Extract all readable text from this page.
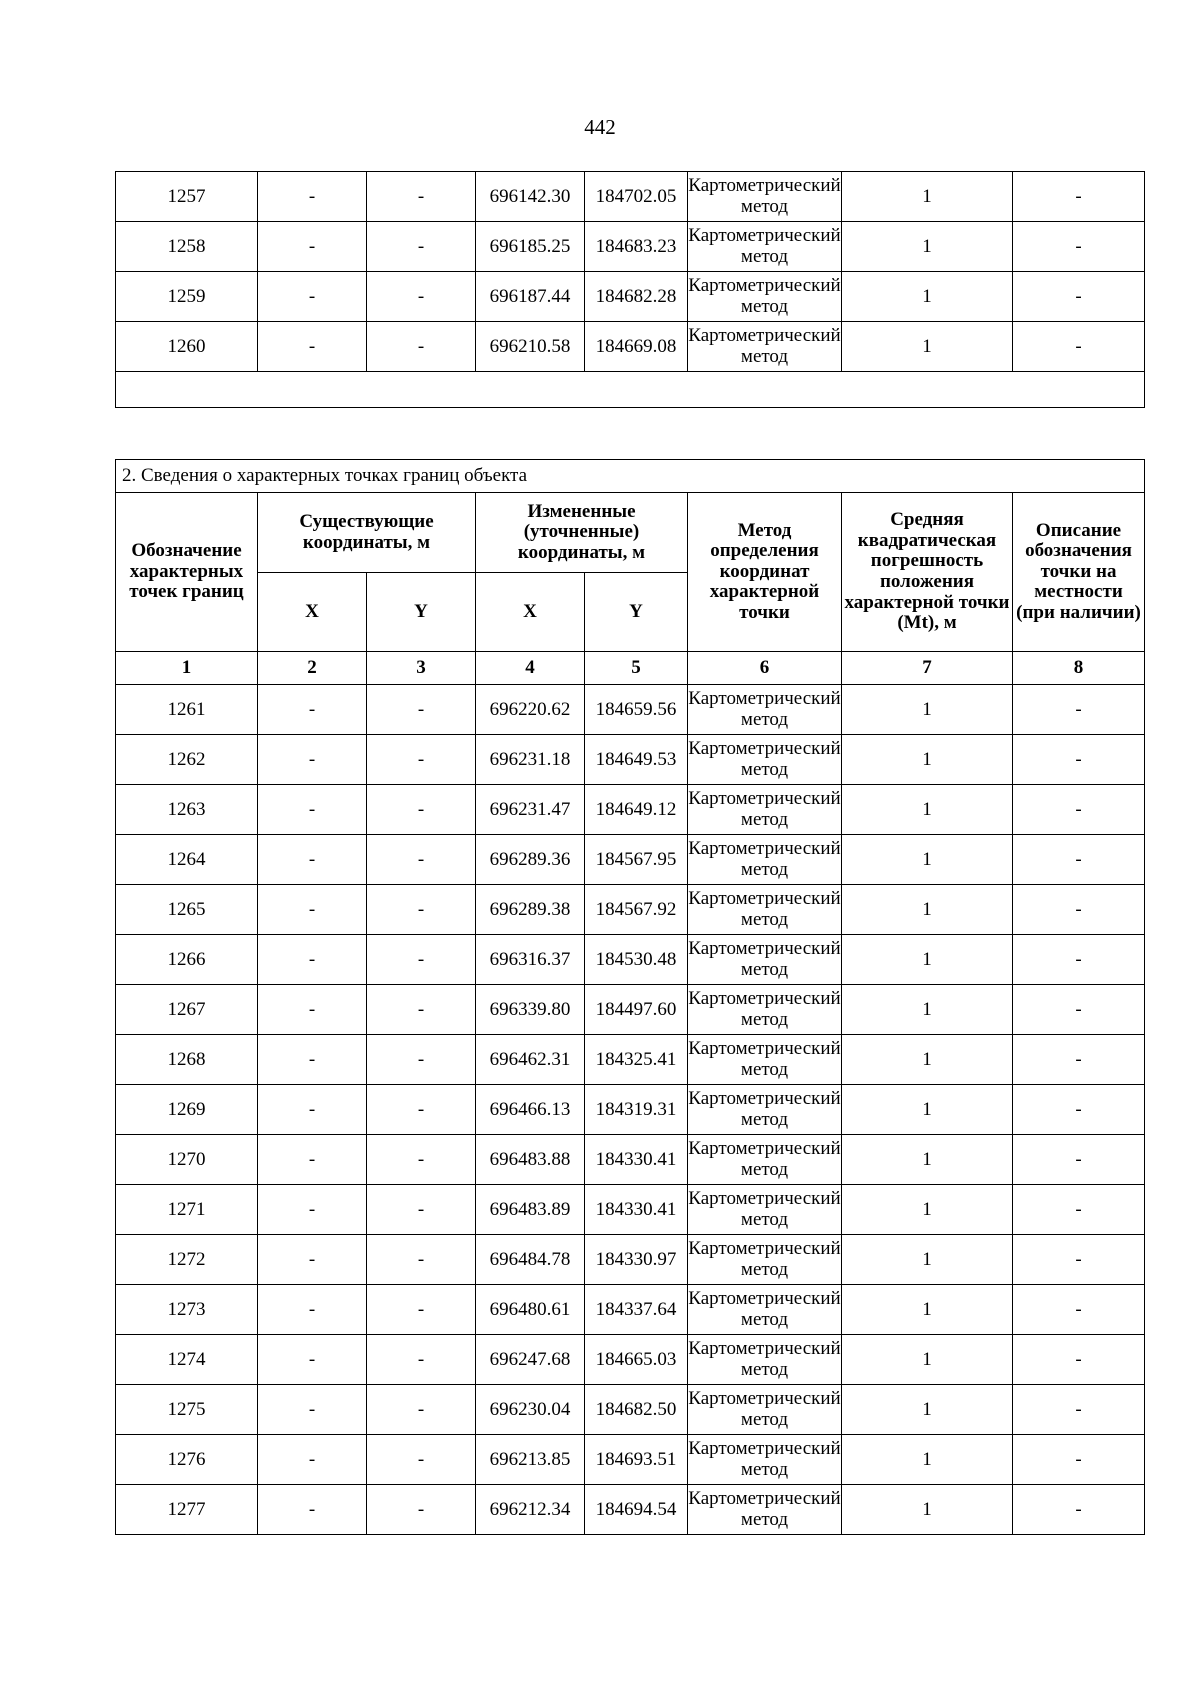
442
1257	-	-	696142.30	184702.05	Картометрический метод	1	-
1258	-	-	696185.25	184683.23	Картометрический метод	1	-
1259	-	-	696187.44	184682.28	Картометрический метод	1	-
1260	-	-	696210.58	184669.08	Картометрический метод	1	-

2. Сведения о характерных точках границ объекта							
Обозначение характерных точек границ	Существующие координаты, м		Измененные (уточненные) координаты, м		Метод определения координат характерной точки	Средняя квадратическая погрешность положения характерной точки (Mt), м	Описание обозначения точки на местности (при наличии)
	X	Y	X	Y			
1	2	3	4	5	6	7	8
1261	-	-	696220.62	184659.56	Картометрический метод	1	-
1262	-	-	696231.18	184649.53	Картометрический метод	1	-
1263	-	-	696231.47	184649.12	Картометрический метод	1	-
1264	-	-	696289.36	184567.95	Картометрический метод	1	-
1265	-	-	696289.38	184567.92	Картометрический метод	1	-
1266	-	-	696316.37	184530.48	Картометрический метод	1	-
1267	-	-	696339.80	184497.60	Картометрический метод	1	-
1268	-	-	696462.31	184325.41	Картометрический метод	1	-
1269	-	-	696466.13	184319.31	Картометрический метод	1	-
1270	-	-	696483.88	184330.41	Картометрический метод	1	-
1271	-	-	696483.89	184330.41	Картометрический метод	1	-
1272	-	-	696484.78	184330.97	Картометрический метод	1	-
1273	-	-	696480.61	184337.64	Картометрический метод	1	-
1274	-	-	696247.68	184665.03	Картометрический метод	1	-
1275	-	-	696230.04	184682.50	Картометрический метод	1	-
1276	-	-	696213.85	184693.51	Картометрический метод	1	-
1277	-	-	696212.34	184694.54	Картометрический метод	1	-
